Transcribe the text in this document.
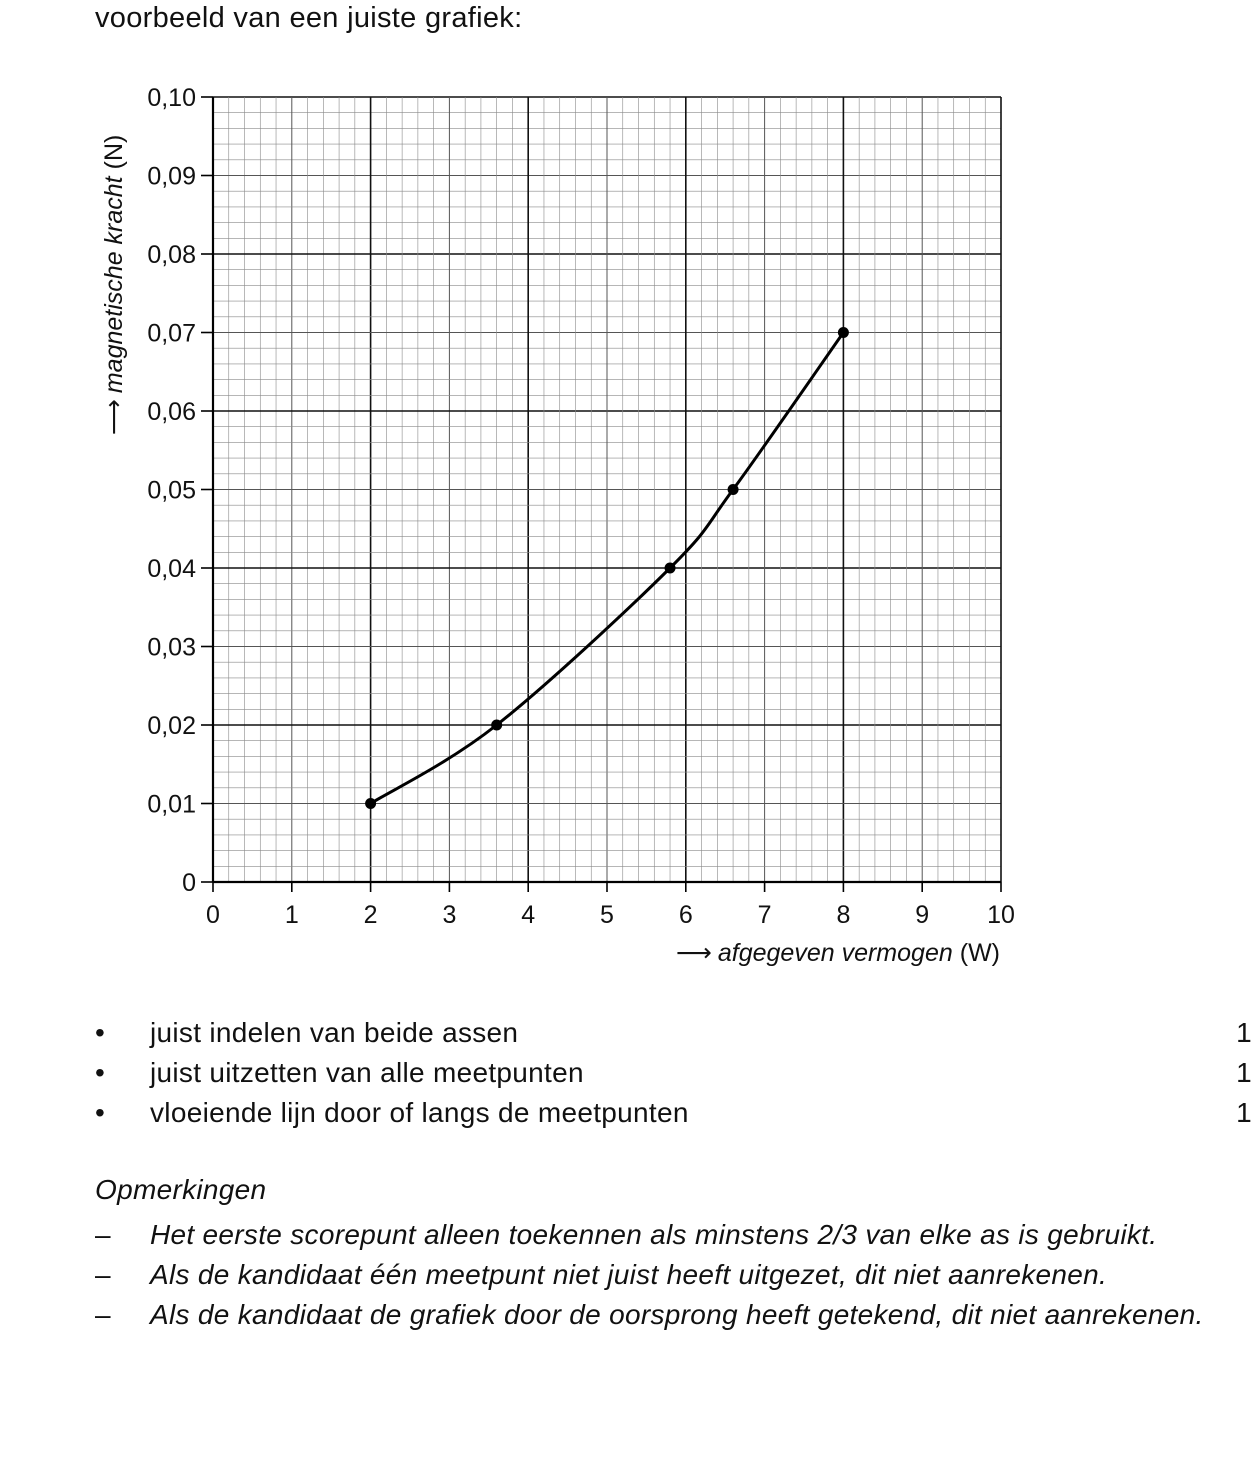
voorbeeld van een juiste grafiek:
0	1	2	3	4	5	6	7	8	9 10
0
0,01
0,02
0,03
0,04
0,05
0,06
0,07
0,08
0,09
0,10
⟶ afgegeven vermogen (W)
⟶magnetische kracht(N)
• juist indelen van beide assen	1
• juist uitzetten van alle meetpunten	1
• vloeiende lijn door of langs de meetpunten	1
Opmerkingen
– Het eerste scorepunt alleen toekennen als minstens 2/3 van elke as is gebruikt.
– Als de kandidaat één meetpunt niet juist heeft uitgezet, dit niet aanrekenen.
– Als de kandidaat de grafiek door de oorsprong heeft getekend, dit niet aanrekenen.
